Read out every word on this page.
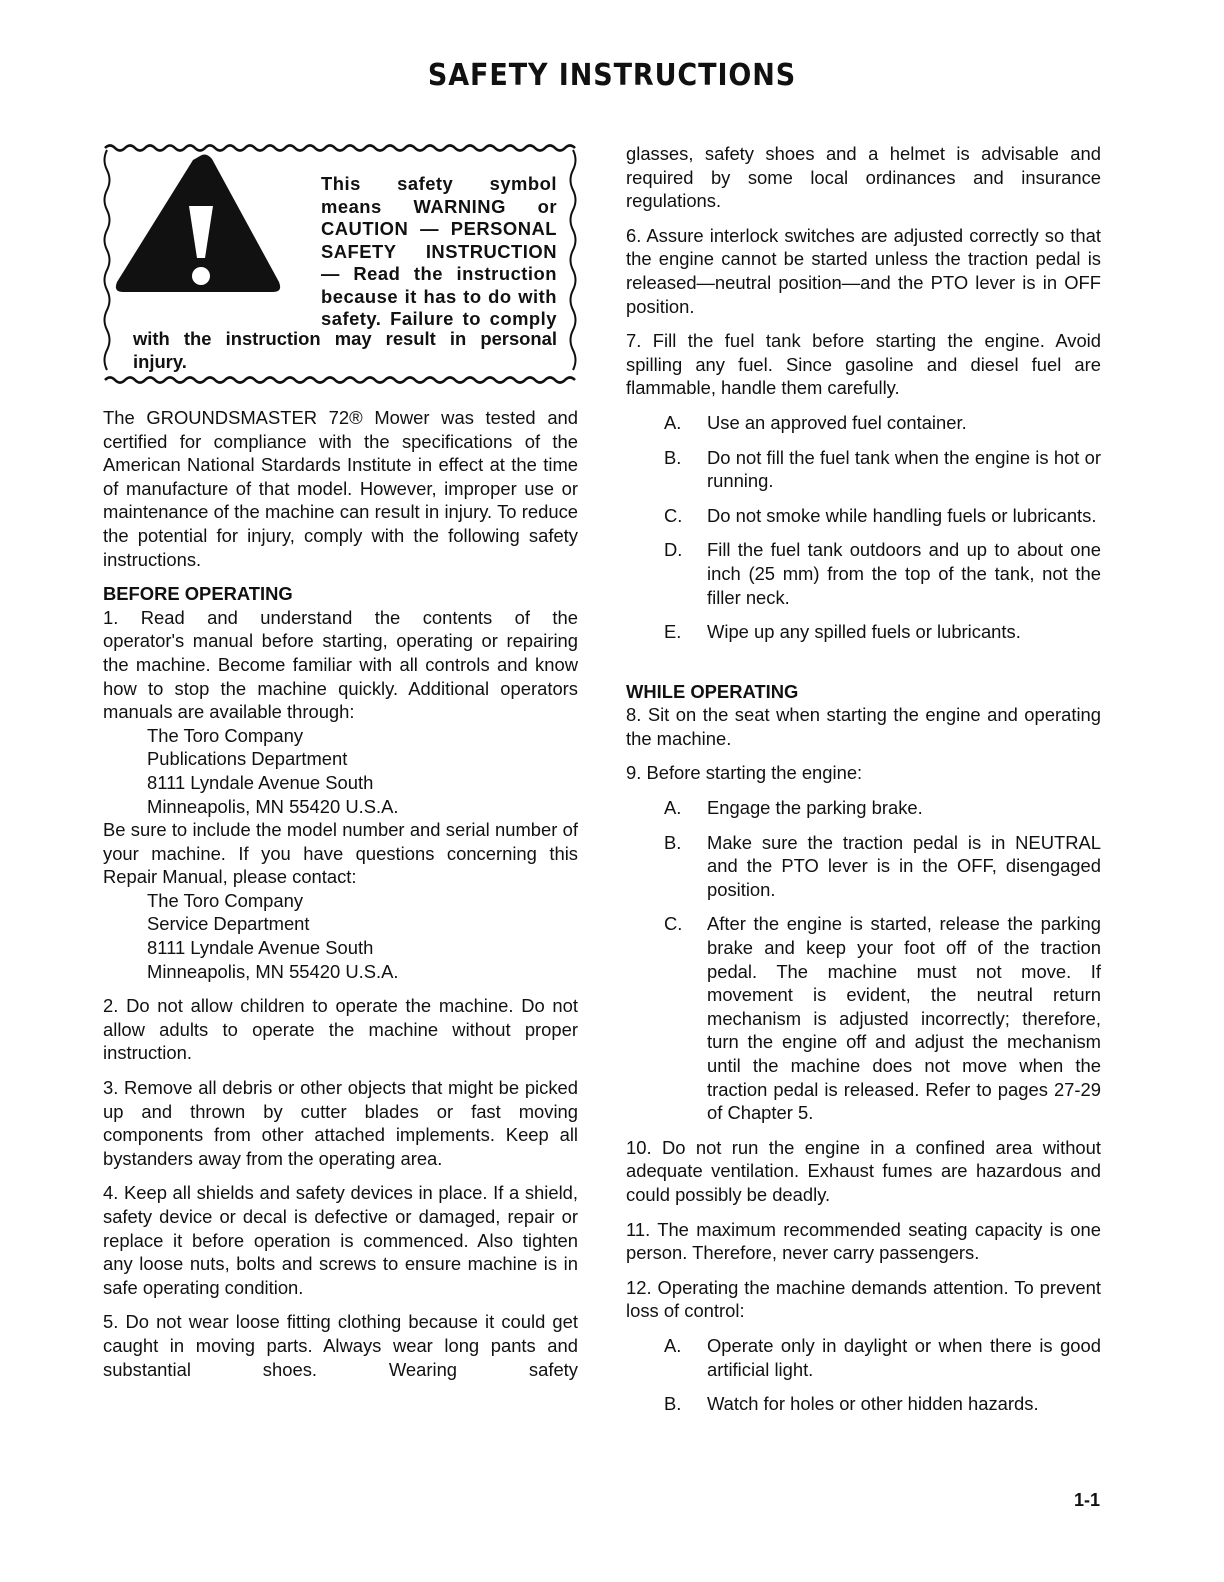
SAFETY INSTRUCTIONS
This safety symbol
means WARNING or
CAUTION — PERSONAL
SAFETY INSTRUCTION
— Read the instruction
because it has to do with
safety. Failure to comply
with the instruction may result in personal injury.

The GROUNDSMASTER 72® Mower was tested and certified for compliance with the specifications of the American National Stardards Institute in effect at the time of manufacture of that model. However, improper use or maintenance of the machine can result in injury. To reduce the potential for injury, comply with the following safety instructions.

BEFORE OPERATING
1. Read and understand the contents of the

operator's manual before starting, operating or repairing the machine. Become familiar with all controls and know how to stop the machine quickly. Additional operators manuals are available through:

The Toro Company
Publications Department
8111 Lyndale Avenue South
Minneapolis, MN 55420 U.S.A.

Be sure to include the model number and serial number of your machine. If you have questions concerning this Repair Manual, please contact:

The Toro Company
Service Department
8111 Lyndale Avenue South
Minneapolis, MN 55420 U.S.A.

2. Do not allow children to operate the machine. Do not allow adults to operate the machine without proper instruction.

3. Remove all debris or other objects that might be picked up and thrown by cutter blades or fast moving components from other attached implements. Keep all bystanders away from the operating area.

4. Keep all shields and safety devices in place. If a shield, safety device or decal is defective or damaged, repair or replace it before operation is commenced. Also tighten any loose nuts, bolts and screws to ensure machine is in safe operating condition.

5. Do not wear loose fitting clothing because it could get caught in moving parts. Always wear long pants and substantial shoes. Wearing safety

glasses, safety shoes and a helmet is advisable and required by some local ordinances and insurance regulations.

6. Assure interlock switches are adjusted correctly so that the engine cannot be started unless the traction pedal is released—neutral position—and the PTO lever is in OFF position.

7. Fill the fuel tank before starting the engine. Avoid spilling any fuel. Since gasoline and diesel fuel are flammable, handle them carefully.

A. Use an approved fuel container.
B. Do not fill the fuel tank when the engine is hot or running.
C. Do not smoke while handling fuels or lubricants.
D. Fill the fuel tank outdoors and up to about one inch (25 mm) from the top of the tank, not the filler neck.
E. Wipe up any spilled fuels or lubricants.
WHILE OPERATING

8. Sit on the seat when starting the engine and operating the machine.

9. Before starting the engine:

A. Engage the parking brake.
B. Make sure the traction pedal is in NEUTRAL and the PTO lever is in the OFF, disengaged position.
C. After the engine is started, release the parking brake and keep your foot off of the traction pedal. The machine must not move. If movement is evident, the neutral return mechanism is adjusted incorrectly; therefore, turn the engine off and adjust the mechanism until the machine does not move when the traction pedal is released. Refer to pages 27-29 of Chapter 5.

10. Do not run the engine in a confined area without adequate ventilation. Exhaust fumes are hazardous and could possibly be deadly.

11. The maximum recommended seating capacity is one person. Therefore, never carry passengers.

12. Operating the machine demands attention. To prevent loss of control:

A. Operate only in daylight or when there is good artificial light.
B. Watch for holes or other hidden hazards.
1-1
